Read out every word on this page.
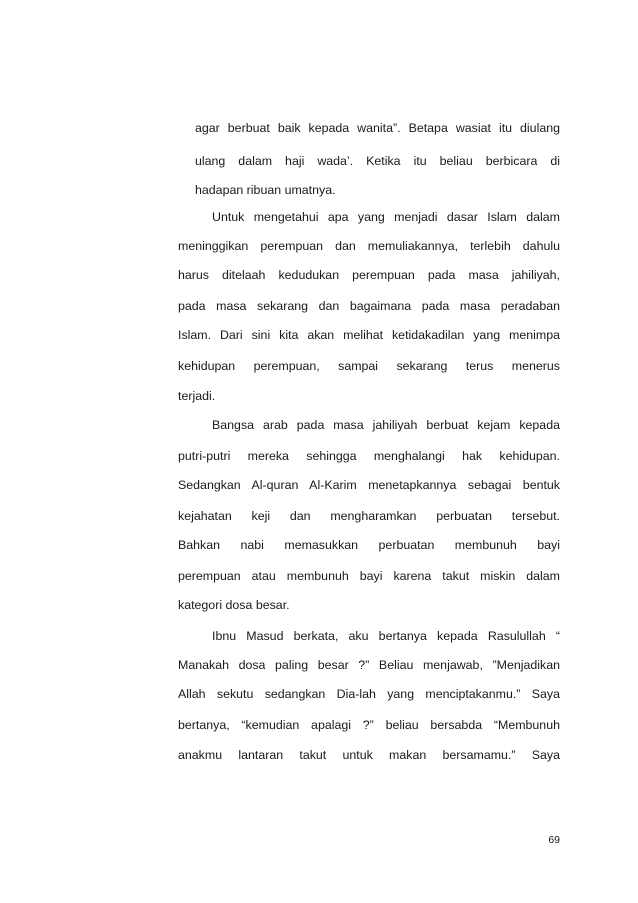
agar berbuat baik kepada wanita”. Betapa wasiat itu diulang
ulang dalam haji wada’. Ketika itu beliau berbicara di
hadapan ribuan umatnya.
Untuk mengetahui apa yang menjadi dasar Islam dalam
meninggikan perempuan dan memuliakannya, terlebih dahulu
harus ditelaah kedudukan perempuan pada masa jahiliyah,
pada masa sekarang dan bagaimana pada masa peradaban
Islam. Dari sini kita akan melihat ketidakadilan yang menimpa
kehidupan perempuan, sampai sekarang terus menerus
terjadi.
Bangsa arab pada masa jahiliyah berbuat kejam kepada
putri-putri mereka sehingga menghalangi hak kehidupan.
Sedangkan Al-quran Al-Karim menetapkannya sebagai bentuk
kejahatan keji dan mengharamkan perbuatan tersebut.
Bahkan nabi memasukkan perbuatan membunuh bayi
perempuan atau membunuh bayi karena takut miskin dalam
kategori dosa besar.
Ibnu Masud berkata, aku bertanya kepada Rasulullah “
Manakah dosa paling besar ?” Beliau menjawab, ”Menjadikan
Allah sekutu sedangkan Dia-lah yang menciptakanmu.” Saya
bertanya, “kemudian apalagi ?” beliau bersabda “Membunuh
anakmu lantaran takut untuk makan bersamamu.” Saya
69
